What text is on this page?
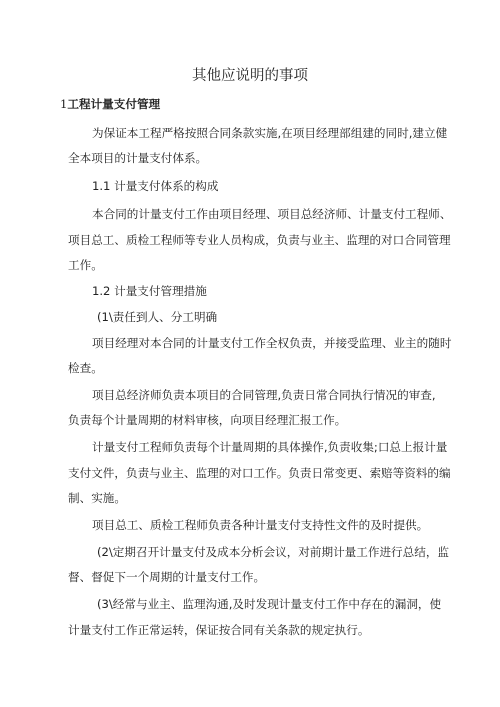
其他应说明的事项
1工程计量支付管理
为保证本工程严格按照合同条款实施,在项目经理部组建的同时,建立健
全本项目的计量支付体系。
1.1 计量支付体系的构成
本合同的计量支付工作由项目经理、项目总经济师、计量支付工程师、
项目总工、质检工程师等专业人员构成，负责与业主、监理的对口合同管理
工作。
1.2 计量支付管理措施
(1\责任到人、分工明确
项目经理对本合同的计量支付工作全权负责，并接受监理、业主的随时
检查。
项目总经济师负责本项目的合同管理,负责日常合同执行情况的审查,
负责每个计量周期的材料审核，向项目经理汇报工作。
计量支付工程师负责每个计量周期的具体操作,负责收集;口总上报计量
支付文件，负责与业主、监理的对口工作。负责日常变更、索赔等资料的编
制、实施。
项目总工、质检工程师负责各种计量支付支持性文件的及时提供。
(2\定期召开计量支付及成本分析会议，对前期计量工作进行总结，监
督、督促下一个周期的计量支付工作。
(3\经常与业主、监理沟通,及时发现计量支付工作中存在的漏洞，使
计量支付工作正常运转，保证按合同有关条款的规定执行。
